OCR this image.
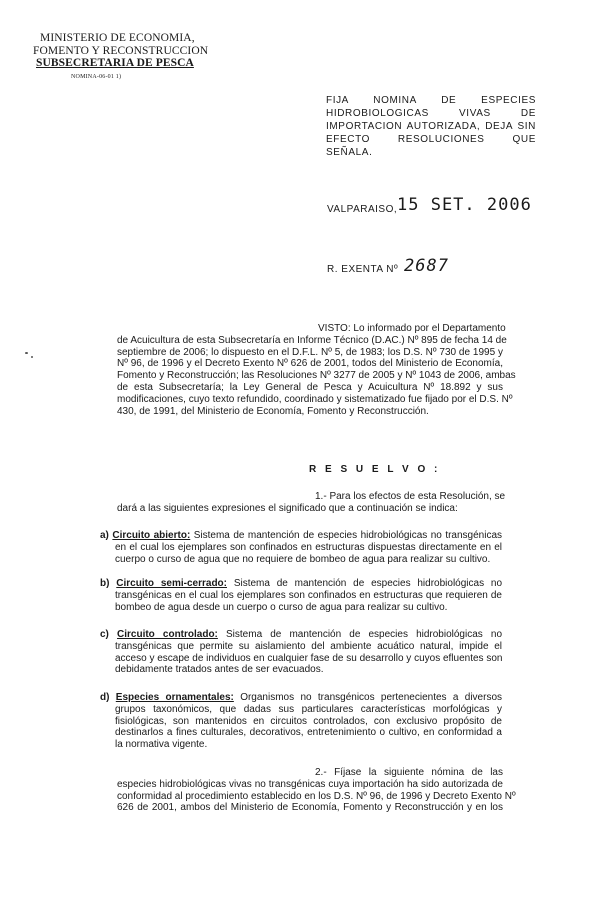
MINISTERIO DE ECONOMIA,
FOMENTO Y RECONSTRUCCION
SUBSECRETARIA DE PESCA
NOMINA-06-01 1)
FIJA NOMINA DE ESPECIES
HIDROBIOLOGICAS VIVAS DE
IMPORTACION AUTORIZADA, DEJA SIN
EFECTO RESOLUCIONES QUE
SEÑALA.
VALPARAISO, 15 SET. 2006
R. EXENTA Nº 2687
VISTO: Lo informado por el Departamento
de Acuicultura de esta Subsecretaría en Informe Técnico (D.AC.) Nº 895 de fecha 14 de
septiembre de 2006; lo dispuesto en el D.F.L. Nº 5, de 1983; los D.S. Nº 730 de 1995 y
Nº 96, de 1996 y el Decreto Exento Nº 626 de 2001, todos del Ministerio de Economía,
Fomento y Reconstrucción; las Resoluciones Nº 3277 de 2005 y Nº 1043 de 2006, ambas
de esta Subsecretaría; la Ley General de Pesca y Acuicultura Nº 18.892 y sus
modificaciones, cuyo texto refundido, coordinado y sistematizado fue fijado por el D.S. Nº
430, de 1991, del Ministerio de Economía, Fomento y Reconstrucción.
R E S U E L V O :
1.- Para los efectos de esta Resolución, se
dará a las siguientes expresiones el significado que a continuación se indica:
a) Circuito abierto: Sistema de mantención de especies hidrobiológicas no transgénicas
en el cual los ejemplares son confinados en estructuras dispuestas directamente en el
cuerpo o curso de agua que no requiere de bombeo de agua para realizar su cultivo.
b) Circuito semi-cerrado: Sistema de mantención de especies hidrobiológicas no
transgénicas en el cual los ejemplares son confinados en estructuras que requieren de
bombeo de agua desde un cuerpo o curso de agua para realizar su cultivo.
c) Circuito controlado: Sistema de mantención de especies hidrobiológicas no
transgénicas que permite su aislamiento del ambiente acuático natural, impide el
acceso y escape de individuos en cualquier fase de su desarrollo y cuyos efluentes son
debidamente tratados antes de ser evacuados.
d) Especies ornamentales: Organismos no transgénicos pertenecientes a diversos
grupos taxonómicos, que dadas sus particulares características morfológicas y
fisiológicas, son mantenidos en circuitos controlados, con exclusivo propósito de
destinarlos a fines culturales, decorativos, entretenimiento o cultivo, en conformidad a
la normativa vigente.
2.- Fíjase la siguiente nómina de las
especies hidrobiológicas vivas no transgénicas cuya importación ha sido autorizada de
conformidad al procedimiento establecido en los D.S. Nº 96, de 1996 y Decreto Exento Nº
626 de 2001, ambos del Ministerio de Economía, Fomento y Reconstrucción y en los
